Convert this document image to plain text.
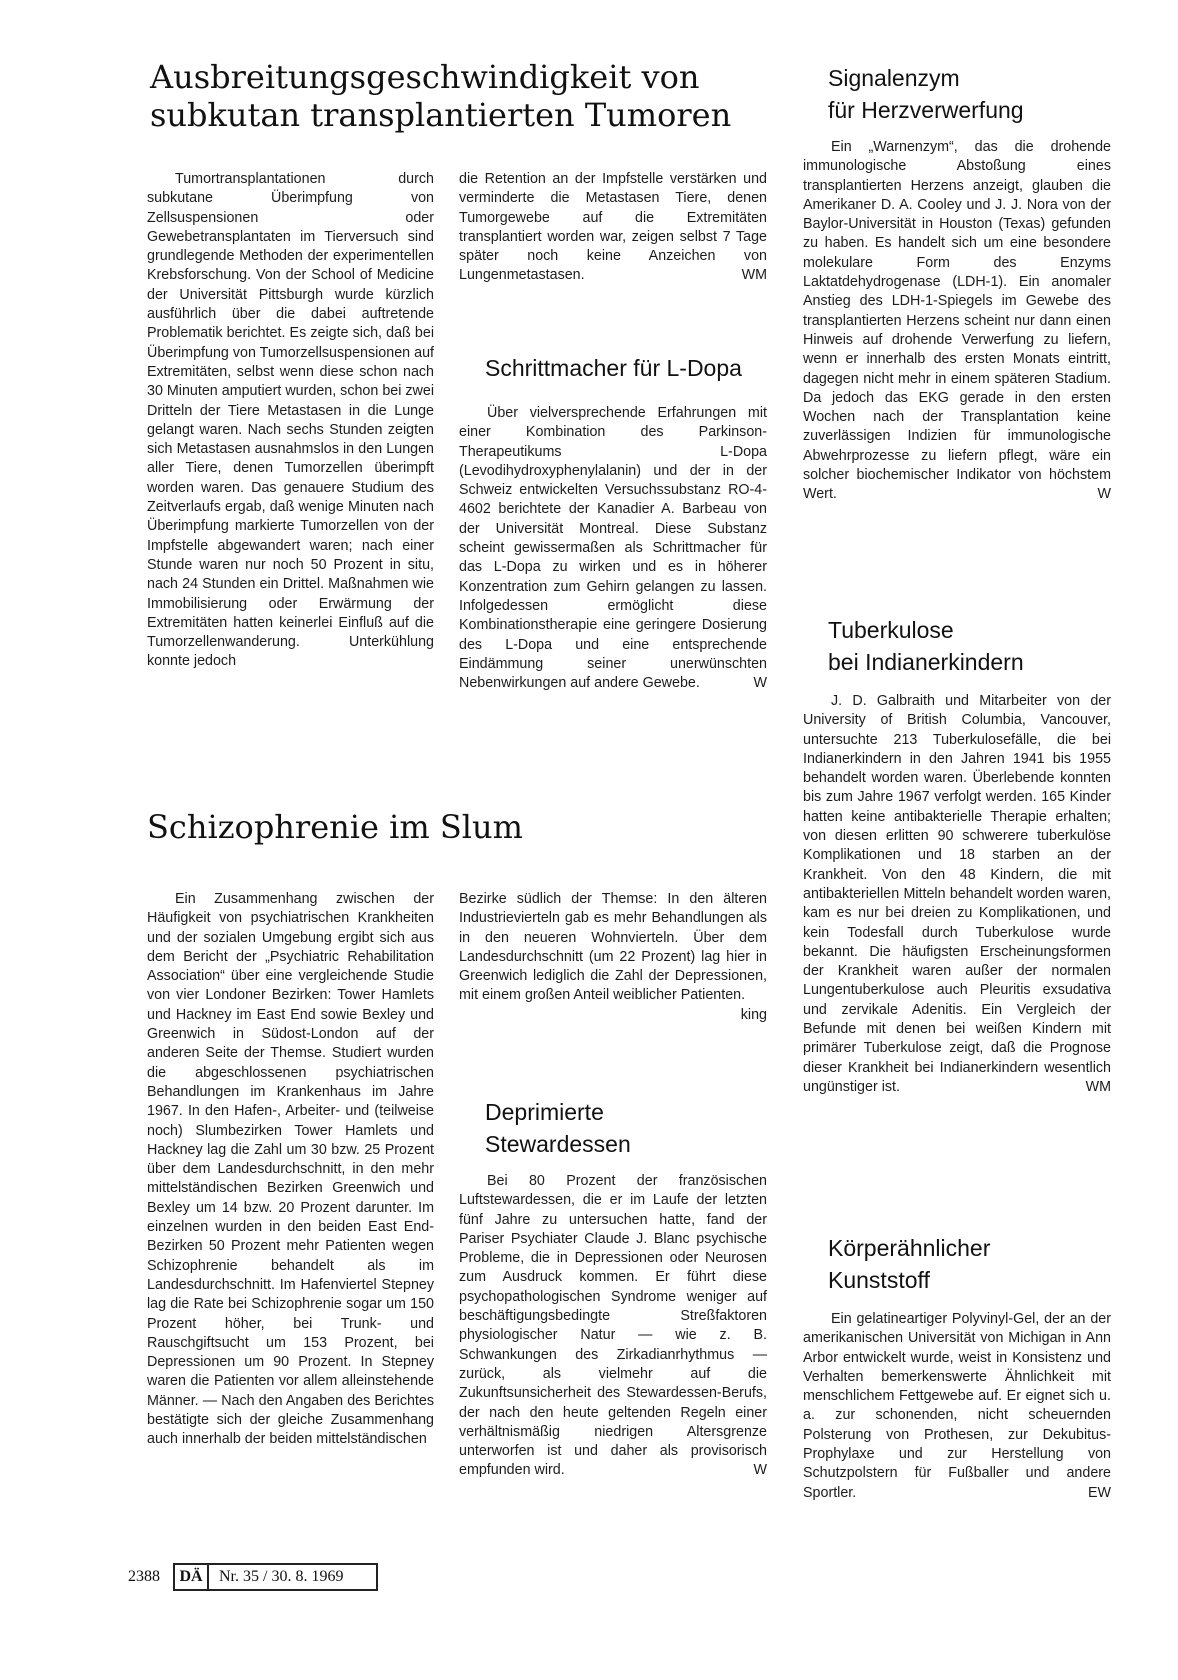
Ausbreitungsgeschwindigkeit von
subkutan transplantierten Tumoren

Tumortransplantationen durch subkutane Überimpfung von Zellsuspensionen oder Gewebetransplantaten im Tierversuch sind grundlegende Methoden der experimentellen Krebsforschung. Von der School of Medicine der Universität Pittsburgh wurde kürzlich ausführlich über die dabei auftretende Problematik berichtet. Es zeigte sich, daß bei Überimpfung von Tumorzellsuspensionen auf Extremitäten, selbst wenn diese schon nach 30 Minuten amputiert wurden, schon bei zwei Dritteln der Tiere Metastasen in die Lunge gelangt waren. Nach sechs Stunden zeigten sich Metastasen ausnahmslos in den Lungen aller Tiere, denen Tumorzellen überimpft worden waren. Das genauere Studium des Zeitverlaufs ergab, daß wenige Minuten nach Überimpfung markierte Tumorzellen von der Impfstelle abgewandert waren; nach einer Stunde waren nur noch 50 Prozent in situ, nach 24 Stunden ein Drittel. Maßnahmen wie Immobilisierung oder Erwärmung der Extremitäten hatten keinerlei Einfluß auf die Tumorzellenwanderung. Unterkühlung konnte jedoch

die Retention an der Impfstelle verstärken und verminderte die Metastasen Tiere, denen Tumorgewebe auf die Extremitäten transplantiert worden war, zeigen selbst 7 Tage später noch keine Anzeichen von Lungenmetastasen.	WM

Schrittmacher für L-Dopa

Über vielversprechende Erfahrungen mit einer Kombination des Parkinson-Therapeutikums L-Dopa (Levodihydroxyphenylalanin) und der in der Schweiz entwickelten Versuchssubstanz RO-4-4602 berichtete der Kanadier A. Barbeau von der Universität Montreal. Diese Substanz scheint gewissermaßen als Schrittmacher für das L-Dopa zu wirken und es in höherer Konzentration zum Gehirn gelangen zu lassen. Infolgedessen ermöglicht diese Kombinationstherapie eine geringere Dosierung des L-Dopa und eine entsprechende Eindämmung seiner unerwünschten Nebenwirkungen auf andere Gewebe.	W

Signalenzym
für Herzverwerfung

Ein „Warnenzym“, das die drohende immunologische Abstoßung eines transplantierten Herzens anzeigt, glauben die Amerikaner D. A. Cooley und J. J. Nora von der Baylor-Universität in Houston (Texas) gefunden zu haben. Es handelt sich um eine besondere molekulare Form des Enzyms Laktatdehydrogenase (LDH-1). Ein anomaler Anstieg des LDH-1-Spiegels im Gewebe des transplantierten Herzens scheint nur dann einen Hinweis auf drohende Verwerfung zu liefern, wenn er innerhalb des ersten Monats eintritt, dagegen nicht mehr in einem späteren Stadium. Da jedoch das EKG gerade in den ersten Wochen nach der Transplantation keine zuverlässigen Indizien für immunologische Abwehrprozesse zu liefern pflegt, wäre ein solcher biochemischer Indikator von höchstem Wert.	W

Tuberkulose
bei Indianerkindern

J. D. Galbraith und Mitarbeiter von der University of British Columbia, Vancouver, untersuchte 213 Tuberkulosefälle, die bei Indianerkindern in den Jahren 1941 bis 1955 behandelt worden waren. Überlebende konnten bis zum Jahre 1967 verfolgt werden. 165 Kinder hatten keine antibakterielle Therapie erhalten; von diesen erlitten 90 schwerere tuberkulöse Komplikationen und 18 starben an der Krankheit. Von den 48 Kindern, die mit antibakteriellen Mitteln behandelt worden waren, kam es nur bei dreien zu Komplikationen, und kein Todesfall durch Tuberkulose wurde bekannt. Die häufigsten Erscheinungsformen der Krankheit waren außer der normalen Lungentuberkulose auch Pleuritis exsudativa und zervikale Adenitis. Ein Vergleich der Befunde mit denen bei weißen Kindern mit primärer Tuberkulose zeigt, daß die Prognose dieser Krankheit bei Indianerkindern wesentlich ungünstiger ist.	WM

Schizophrenie im Slum

Ein Zusammenhang zwischen der Häufigkeit von psychiatrischen Krankheiten und der sozialen Umgebung ergibt sich aus dem Bericht der „Psychiatric Rehabilitation Association“ über eine vergleichende Studie von vier Londoner Bezirken: Tower Hamlets und Hackney im East End sowie Bexley und Greenwich in Südost-London auf der anderen Seite der Themse. Studiert wurden die abgeschlossenen psychiatrischen Behandlungen im Krankenhaus im Jahre 1967. In den Hafen-, Arbeiter- und (teilweise noch) Slumbezirken Tower Hamlets und Hackney lag die Zahl um 30 bzw. 25 Prozent über dem Landesdurchschnitt, in den mehr mittelständischen Bezirken Greenwich und Bexley um 14 bzw. 20 Prozent darunter. Im einzelnen wurden in den beiden East End-Bezirken 50 Prozent mehr Patienten wegen Schizophrenie behandelt als im Landesdurchschnitt. Im Hafenviertel Stepney lag die Rate bei Schizophrenie sogar um 150 Prozent höher, bei Trunk- und Rauschgiftsucht um 153 Prozent, bei Depressionen um 90 Prozent. In Stepney waren die Patienten vor allem alleinstehende Männer. — Nach den Angaben des Berichtes bestätigte sich der gleiche Zusammenhang auch innerhalb der beiden mittelständischen

Bezirke südlich der Themse: In den älteren Industrievierteln gab es mehr Behandlungen als in den neueren Wohnvierteln. Über dem Landesdurchschnitt (um 22 Prozent) lag hier in Greenwich lediglich die Zahl der Depressionen, mit einem großen Anteil weiblicher Patienten.
king

Deprimierte
Stewardessen

Bei 80 Prozent der französischen Luftstewardessen, die er im Laufe der letzten fünf Jahre zu untersuchen hatte, fand der Pariser Psychiater Claude J. Blanc psychische Probleme, die in Depressionen oder Neurosen zum Ausdruck kommen. Er führt diese psychopathologischen Syndrome weniger auf beschäftigungsbedingte Streßfaktoren physiologischer Natur — wie z. B. Schwankungen des Zirkadianrhythmus — zurück, als vielmehr auf die Zukunftsunsicherheit des Stewardessen-Berufs, der nach den heute geltenden Regeln einer verhältnismäßig niedrigen Altersgrenze unterworfen ist und daher als provisorisch empfunden wird.	W

Körperähnlicher
Kunststoff

Ein gelatineartiger Polyvinyl-Gel, der an der amerikanischen Universität von Michigan in Ann Arbor entwickelt wurde, weist in Konsistenz und Verhalten bemerkenswerte Ähnlichkeit mit menschlichem Fettgewebe auf. Er eignet sich u. a. zur schonenden, nicht scheuernden Polsterung von Prothesen, zur Dekubitus-Prophylaxe und zur Herstellung von Schutzpolstern für Fußballer und andere Sportler.	EW

2388	DÄ	Nr. 35 / 30. 8. 1969
